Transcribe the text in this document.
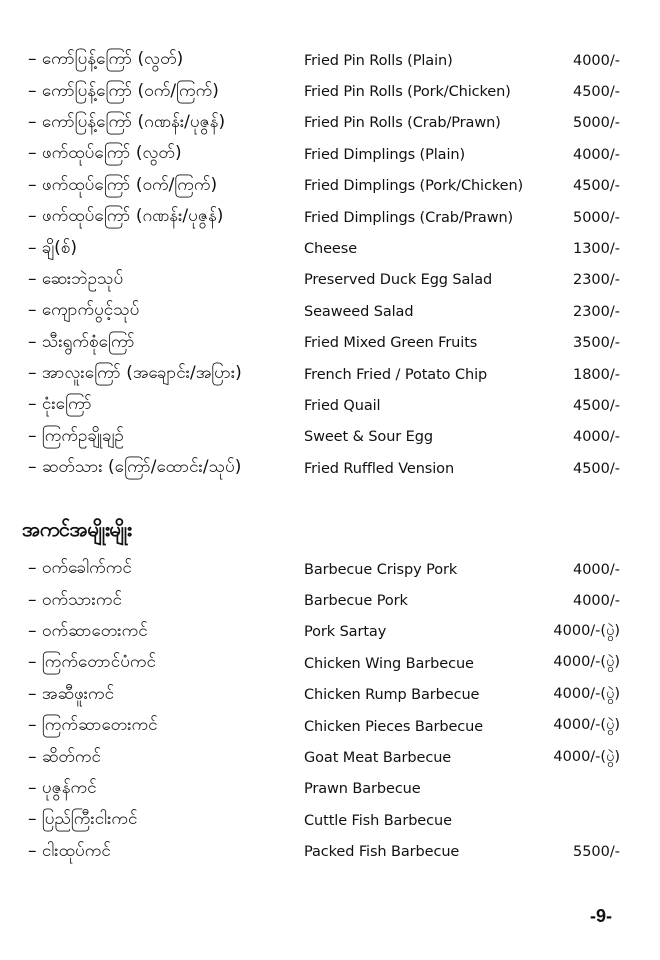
– ကော်ပြန့်ကြော် (လွတ်)	Fried Pin Rolls (Plain)	4000/-
– ကော်ပြန့်ကြော် (ဝက်/ကြက်)	Fried Pin Rolls (Pork/Chicken)	4500/-
– ကော်ပြန့်ကြော် (ဂဏန်း/ပုဇွန်)	Fried Pin Rolls (Crab/Prawn)	5000/-
– ဖက်ထုပ်ကြော် (လွတ်)	Fried Dimplings (Plain)	4000/-
– ဖက်ထုပ်ကြော် (ဝက်/ကြက်)	Fried Dimplings (Pork/Chicken)	4500/-
– ဖက်ထုပ်ကြော် (ဂဏန်း/ပုဇွန်)	Fried Dimplings (Crab/Prawn)	5000/-
– ချိ(စ်)	Cheese	1300/-
– ဆေးဘဲဥသုပ်	Preserved Duck Egg Salad	2300/-
– ကျောက်ပွင့်သုပ်	Seaweed Salad	2300/-
– သီးရွက်စုံကြော်	Fried Mixed Green Fruits	3500/-
– အာလူးကြော် (အချောင်း/အပြား)	French Fried / Potato Chip	1800/-
– ငုံးကြော်	Fried Quail	4500/-
– ကြက်ဥချိုချဉ်	Sweet & Sour Egg	4000/-
– ဆတ်သား (ကြော်/ထောင်း/သုပ်)	Fried Ruffled Vension	4500/-
အကင်အမျိုးမျိုး
– ဝက်ခေါက်ကင်	Barbecue Crispy Pork	4000/-
– ဝက်သားကင်	Barbecue Pork	4000/-
– ဝက်ဆာတေးကင်	Pork Sartay	4000/-(ပွဲ)
– ကြက်တောင်ပံကင်	Chicken Wing Barbecue	4000/-(ပွဲ)
– အဆီဖူးကင်	Chicken Rump Barbecue	4000/-(ပွဲ)
– ကြက်ဆာတေးကင်	Chicken Pieces Barbecue	4000/-(ပွဲ)
– ဆိတ်ကင်	Goat Meat Barbecue	4000/-(ပွဲ)
– ပုဇွန်ကင်	Prawn Barbecue
– ပြည်ကြီးငါးကင်	Cuttle Fish Barbecue
– ငါးထုပ်ကင်	Packed Fish Barbecue	5500/-
-9-
